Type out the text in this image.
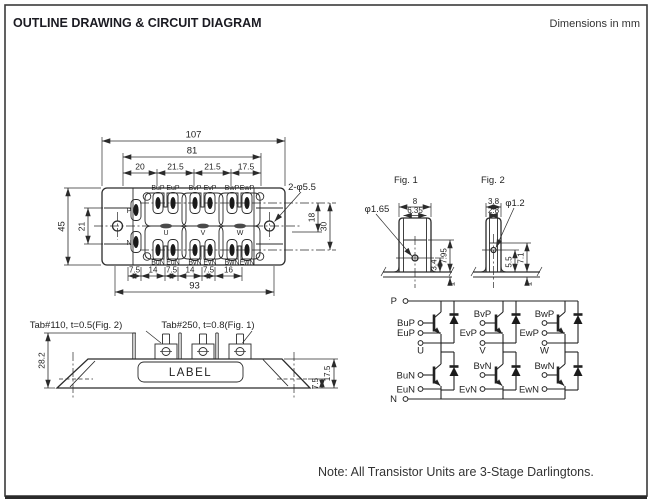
OUTLINE DRAWING & CIRCUIT DIAGRAM	Dimensions in mm
P
N
107
81
20	21.5 21.5 17.5
2-φ5.5
45 21
18
30
93
BuP EuP BvP EvP BwP EwP
BuN EuN BvN EvN BwN EwN
U	V	W
7.5 14 7.5 14 7.5 16
Fig. 1
φ1.65
8
6.35
3.4
7.95
1
Fig. 2
φ1.2
3.8
2.8
5.5 7.1
1
LABEL
Tab#110, t=0.5(Fig. 2)	Tab#250, t=0.8(Fig. 1)
28.2
7.5
17.5
P
N
BuP
BuN
EuP
EuN
U
BvP
BvN
EvP
EvN
V
BwP
BwN
EwP
EwN
W
Note: All Transistor Units are 3-Stage Darlingtons.
